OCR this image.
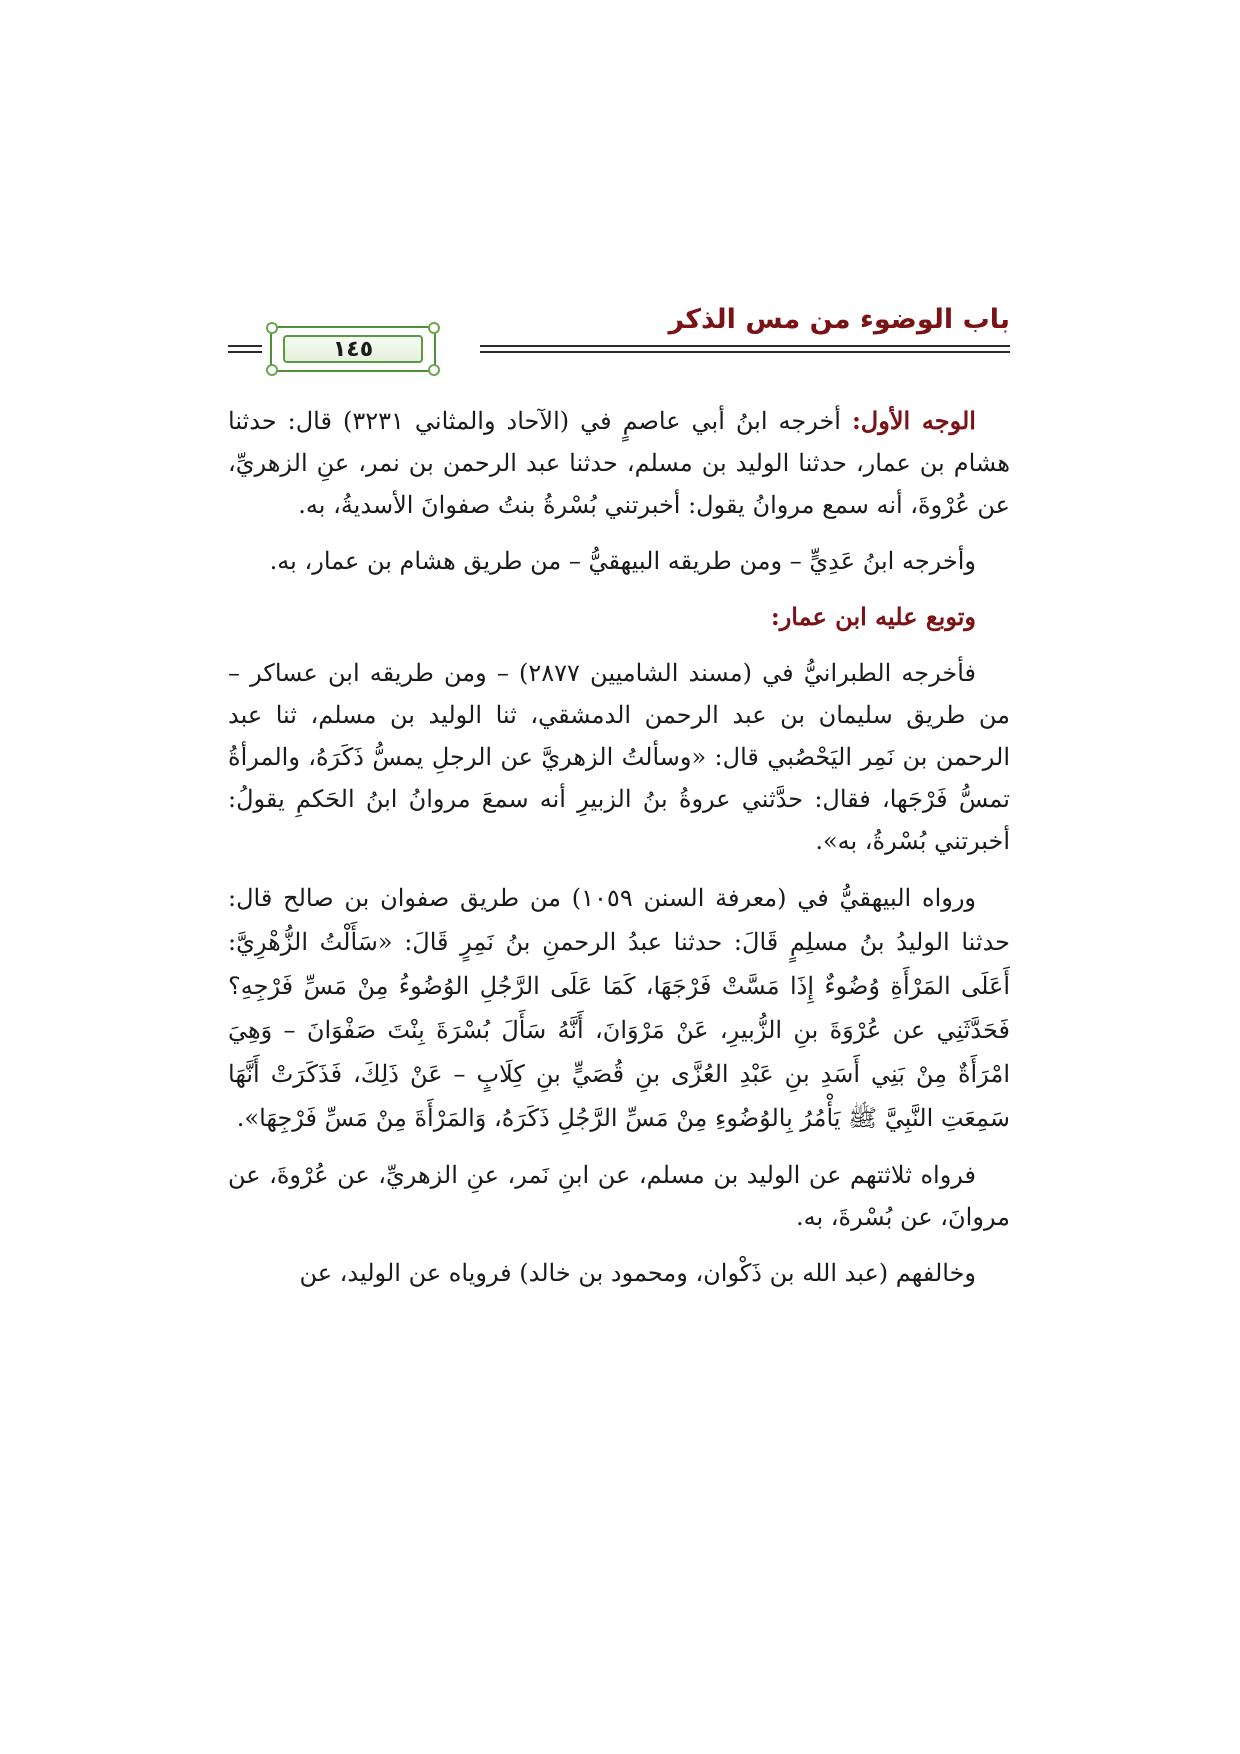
باب الوضوء من مس الذكر
١٤٥

الوجه الأول: أخرجه ابنُ أبي عاصمٍ في (الآحاد والمثاني ٣٢٣١) قال: حدثنا هشام بن عمار، حدثنا الوليد بن مسلم، حدثنا عبد الرحمن بن نمر، عنِ الزهريِّ، عن عُرْوةَ، أنه سمع مروانُ يقول: أخبرتني بُسْرةُ بنتُ صفوانَ الأسديةُ، به.

وأخرجه ابنُ عَدِيٍّ – ومن طريقه البيهقيُّ – من طريق هشام بن عمار، به.

وتوبع عليه ابن عمار:

فأخرجه الطبرانيُّ في (مسند الشاميين ٢٨٧٧) – ومن طريقه ابن عساكر – من طريق سليمان بن عبد الرحمن الدمشقي، ثنا الوليد بن مسلم، ثنا عبد الرحمن بن نَمِر اليَحْصُبي قال: «وسألتُ الزهريَّ عن الرجلِ يمسُّ ذَكَرَهُ، والمرأةُ تمسُّ فَرْجَها، فقال: حدَّثني عروةُ بنُ الزبيرِ أنه سمعَ مروانُ ابنُ الحَكمِ يقولُ: أخبرتني بُسْرةُ، به».

ورواه البيهقيُّ في (معرفة السنن ١٠٥٩) من طريق صفوان بن صالح قال: حدثنا الوليدُ بنُ مسلِمٍ قَالَ: حدثنا عبدُ الرحمنِ بنُ نَمِرٍ قَالَ: «سَأَلْتُ الزُّهْرِيَّ: أَعَلَى المَرْأَةِ وُضُوءٌ إِذَا مَسَّتْ فَرْجَهَا، كَمَا عَلَى الرَّجُلِ الوُضُوءُ مِنْ مَسِّ فَرْجِهِ؟ فَحَدَّثَنِي عن عُرْوَةَ بنِ الزُّبيرِ، عَنْ مَرْوَانَ، أَنَّهُ سَأَلَ بُسْرَةَ بِنْتَ صَفْوَانَ – وَهِيَ امْرَأَةٌ مِنْ بَنِي أَسَدِ بنِ عَبْدِ العُزَّى بنِ قُصَيٍّ بنِ كِلَابٍ – عَنْ ذَلِكَ، فَذَكَرَتْ أَنَّهَا سَمِعَتِ النَّبِيَّ ﷺ يَأْمُرُ بِالوُضُوءِ مِنْ مَسِّ الرَّجُلِ ذَكَرَهُ، وَالمَرْأَةَ مِنْ مَسِّ فَرْجِهَا».

فرواه ثلاثتهم عن الوليد بن مسلم، عن ابنِ نَمر، عنِ الزهريِّ، عن عُرْوةَ، عن مروانَ، عن بُسْرةَ، به.

وخالفهم (عبد الله بن ذَكْوان، ومحمود بن خالد) فروياه عن الوليد، عن
